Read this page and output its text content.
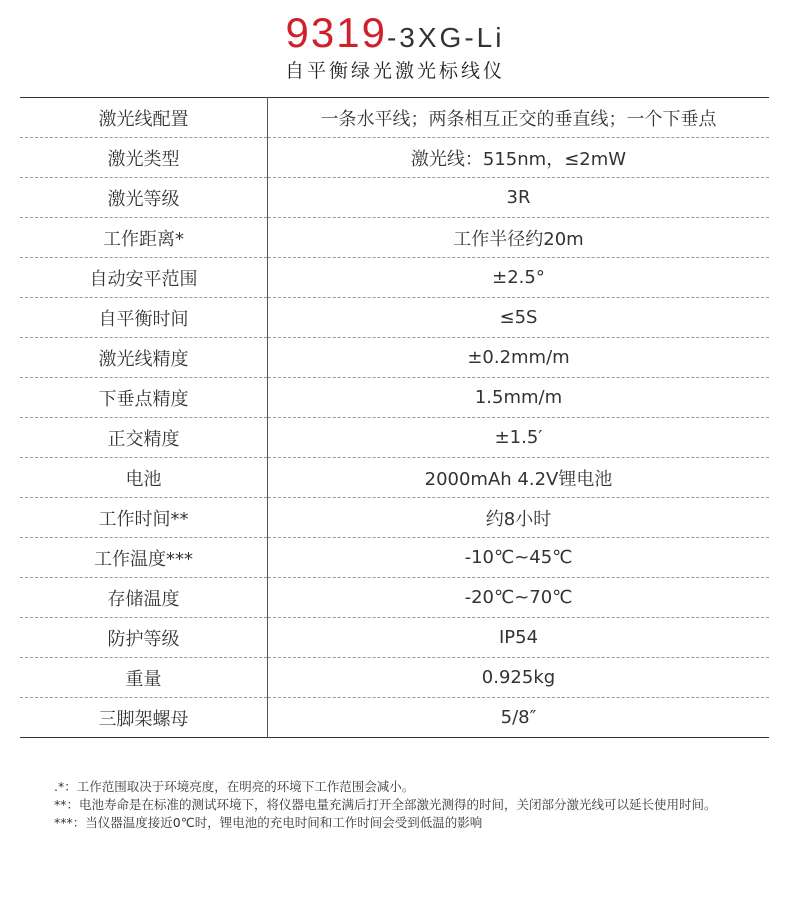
9319-3XG-Li
自平衡绿光激光标线仪
激光线配置	一条水平线；两条相互正交的垂直线；一个下垂点
激光类型	激光线：515nm，≤2mW
激光等级	3R
工作距离*	工作半径约20m
自动安平范围	±2.5°
自平衡时间	≤5S
激光线精度	±0.2mm/m
下垂点精度	1.5mm/m
正交精度	±1.5′
电池	2000mAh 4.2V锂电池
工作时间**	约8小时
工作温度***	-10℃~45℃
存储温度	-20℃~70℃
防护等级	IP54
重量	0.925kg
三脚架螺母	5/8″
.*： 工作范围取决于环境亮度，在明亮的环境下工作范围会减小。
**： 电池寿命是在标准的测试环境下，将仪器电量充满后打开全部激光测得的时间，关闭部分激光线可以延长使用时间。
***： 当仪器温度接近0℃时，锂电池的充电时间和工作时间会受到低温的影响
